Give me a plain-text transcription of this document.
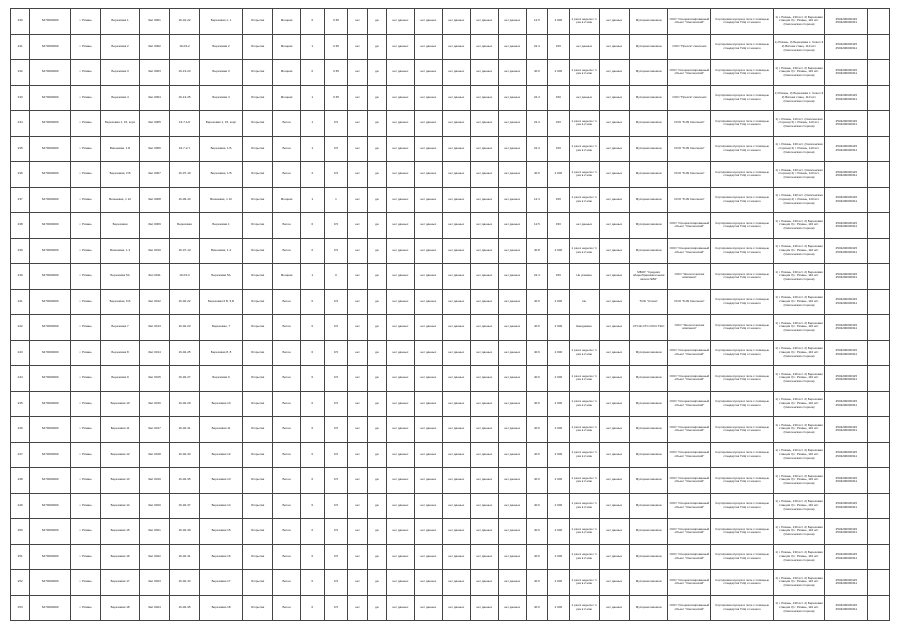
230	6270000000	г. Рязань	Березовая 1	Зап 0001	16-01-22	Березовая 1, 1	Открытая	Мощная	0	0.35	нет	да	нет данных	нет данных	нет данных	нет данных	нет данных	12.5	4 900	1 раз в неделю / 1 раз в 2 мин	нет данных	Мусорная машина	ООО "Специализированный объект "Смоленский"	Сортировка мусора в поле с помощью стандартов ГНЦ от нашего	1) г. Рязань, 130 ист. 2) Березовая станция 3) г. Рязань, 110 ист. (Смоленская сторона)	4543200000115 4543200000311	
231	6270000000	г. Рязань	Березовая 2	Зап 0002	16-03-2	Березовая 2	Открытая	Мощная	1	0.35	нет	да	нет данных	нет данных	нет данных	нет данных	нет данных	22.4	150	нет данных	нет данных	Мусорная машина	ООО "Пресса" смоленск	Сортировка мусора в поле с помощью стандартов ГНЦ от нашего	1) Рязань, 3) Березовая с. Сокол 3 2) Ватная станц. 110 ист. (Смоленская сторона)	4543200000115 4543200000311	
232	6270000000	г. Рязань	Березовая 3	Зап 0003	16-13-23	Березовая 3	Открытая	Мощная	0	0.35	нет	да	нет данных	нет данных	нет данных	нет данных	нет данных	40.6	2 000	1 раз в неделю / 1 раз в 2 мин	нет данных	Мусорная машина	ООО "Специализированный объект "Смоленский"	Сортировка мусора в поле с помощью стандартов ГНЦ от нашего	1) г. Рязань, 130 ист. 2) Березовая станция 3) г. Рязань, 110 ист. (Смоленская сторона)	4543200000115 4543200000311	
233	6270000000	г. Рязань	Березовая 4	Зап 0004	16-13-25	Березовая 4	Открытая	Мощная	1	0.35	нет	да	нет данных	нет данных	нет данных	нет данных	нет данных	22.4	150	нет данных	нет данных	Мусорная машина	ООО "Пресса" смоленск	Сортировка мусора в поле с помощью стандартов ГНЦ от нашего	1) Рязань, 3) Березовая с. Сокол 3 2) Ватная станц. 110 ист. (Смоленская сторона)	4543200000115 4543200000311	
234	6270000000	г. Рязань	Березовая 1, 15, корп	Зап 0005	16-7-1/2	Березовая 1, 15, корп	Открытая	Бетон	1	0.5	нет	да	нет данных	нет данных	нет данных	нет данных	нет данных	22.4	150	1 раз в неделю / 1 раз в 2 мин	нет данных	Мусорная машина	ООО "8-09 Смоленск"	Сортировка мусора в поле с помощью стандартов ГНЦ от нашего	1) г. Рязань, 110 ист. (Смоленская сторона) 2) г. Рязань, 110 ист. (Смоленская сторона)	4543200000115 4543200000311	
235	6270000000	г. Рязань	Вишневая, 1 Б	Зап 0006	16-7-2-7	Березовая, 1 Б	Открытая	Бетон	1	0.5	нет	да	нет данных	нет данных	нет данных	нет данных	нет данных	22.4	150	1 раз в неделю / 1 раз в 2 мин	нет данных	Мусорная машина	ООО "8-09 Смоленск"	Сортировка мусора в поле с помощью стандартов ГНЦ от нашего	1) г. Рязань, 130 ист. (Смоленская сторона) 2) г. Рязань, 110 ист. (Смоленская сторона)	4543200000115 4543200000311	
236	6270000000	г. Рязань	Березовая, 2 В	Зап 0007	16-07-19	Березовая, 1 В	Открытая	Бетон	2	0.5	нет	да	нет данных	нет данных	нет данных	нет данных	нет данных	40.6	2 000	1 раз в неделю / 1 раз в 2 мин	нет данных	Мусорная машина	ООО "8-09 Смоленск"	Сортировка мусора в поле с помощью стандартов ГНЦ от нашего	1) г. Рязань, 130 ист. (Смоленская сторона) 2) г. Рязань, 110 ист. (Смоленская сторона)	4543200000115 4543200000311	
237	6270000000	г. Рязань	Вишневая, 1 12	Зап 0008	16-09-43	Вишневая, 1 12	Открытая	Мощная	1	1	нет	да	нет данных	нет данных	нет данных	нет данных	нет данных	12.4	150	1 раз в неделю / 1 раз в 2 мин	нет данных	Мусорная машина	ООО "8-09 Смоленск"	Сортировка мусора в поле с помощью стандартов ГНЦ от нашего	1) г. Рязань, 130 ист. (Смоленская сторона) 2) г. Рязань, 110 ист. (Смоленская сторона)	4543200000115 4543200000311	
238	6270000000	г. Рязань	Березовая	Зап 0009	Березовая	Березовая 1	Открытая	Бетон	0	0.5	нет	да	нет данных	нет данных	нет данных	нет данных	нет данных	12.5	150	нет данных	нет данных	Мусорная машина	ООО "Специализированный объект "Смоленский"	Сортировка мусора в поле с помощью стандартов ГНЦ от нашего	1) г. Рязань, 130 ист. 2) Березовая станция 3) г. Рязань, 110 ист. (Смоленская сторона)	4543200000115 4543200000311	
239	6270000000	г. Рязань	Вишневая, 1 4	Зап 0010	16-07-13	Вишневая, 1 4	Открытая	Бетон	0	0.5	нет	да	нет данных	нет данных	нет данных	нет данных	нет данных	40.8	2 000	1 раз в неделю / 1 раз в 2 мин	нет данных	Мусорная машина	ООО "Специализированный объект "Смоленский"	Сортировка мусора в поле с помощью стандартов ГНЦ от нашего	1) г. Рязань, 130 ист. 2) Березовая станция 3) г. Рязань, 110 ист. (Смоленская сторона)	4543200000115 4543200000311	
240	6270000000	г. Рязань	Березовая 5А	Зап 0011	16-03-3	Березовая 5А	Открытая	Мощная	1	0	нет	да	нет данных	нет данных	нет данных	нет данных	нет данных	22.4	150	Не указано	нет данных	МБОУ "Средняя общеобразовательная школа №50"	ООО "Экологическая компания"	Сортировка мусора в поле с помощью стандартов ГНЦ от нашего	1) г. Рязань, 130 ист. 2) Березовая станция 3) г. Рязань, 110 ист. (Смоленская сторона)	4543200000115 4543200000311	
241	6270000000	г. Рязань	Березовая, 6 Б	Зап 0012	16-02-22	Березовая 6 Б, 6 Б	Открытая	Бетон	0	0.5	нет	да	нет данных	нет данных	нет данных	нет данных	нет данных	40.6	2 000	Не	нет данных	ТСЖ "Сосна"	ООО "8-09 Смоленск"	Сортировка мусора в поле с помощью стандартов ГНЦ от нашего	1) г. Рязань, 130 ист. 2) Березовая станция 3) г. Рязань, 110 ист. (Смоленская сторона)	4543200000115 4543200000311	
242	6270000000	г. Рязань	Березовая 7	Зап 0013	16-02-23	Березовая, 7	Открытая	Бетон	0	0.5	нет	да	нет данных	нет данных	нет данных	нет данных	нет данных	40.6	2 000	Ежедневно	нет данных	СТСЖ-СТС-ООО-ТЖС	ООО "Экологическая компания"	Сортировка мусора в поле с помощью стандартов ГНЦ от нашего	1) г. Рязань, 130 ист. 2) Березовая станция 3) г. Рязань, 110 ист. (Смоленская сторона)	4543200000115 4543200000311	
243	6270000000	г. Рязань	Березовая 8	Зап 0014	16-02-25	Березовая 8, 8	Открытая	Бетон	0	0.5	нет	да	нет данных	нет данных	нет данных	нет данных	нет данных	40.6	2 000	1 раз в неделю / 1 раз в 2 мин	нет данных	Мусорная машина	ООО "Специализированный объект "Смоленский"	Сортировка мусора в поле с помощью стандартов ГНЦ от нашего	1) г. Рязань, 130 ист. 2) Березовая станция 3) г. Рязань, 110 ист. (Смоленская сторона)	4543200000115 4543200000311	
244	6270000000	г. Рязань	Березовая 9	Зап 0015	16-02-27	Березовая 9	Открытая	Бетон	0	0.5	нет	да	нет данных	нет данных	нет данных	нет данных	нет данных	40.6	2 000	1 раз в неделю / 1 раз в 2 мин	нет данных	Мусорная машина	ООО "Специализированный объект "Смоленский"	Сортировка мусора в поле с помощью стандартов ГНЦ от нашего	1) г. Рязань, 130 ист. 2) Березовая станция 3) г. Рязань, 110 ист. (Смоленская сторона)	4543200000115 4543200000311	
245	6270000000	г. Рязань	Березовая 10	Зап 0016	16-02-29	Березовая 10	Открытая	Бетон	0	0.5	нет	да	нет данных	нет данных	нет данных	нет данных	нет данных	40.6	2 000	1 раз в неделю / 1 раз в 2 мин	нет данных	Мусорная машина	ООО "Специализированный объект "Смоленский"	Сортировка мусора в поле с помощью стандартов ГНЦ от нашего	1) г. Рязань, 130 ист. 2) Березовая станция 3) г. Рязань, 110 ист. (Смоленская сторона)	4543200000115 4543200000311	
246	6270000000	г. Рязань	Березовая 11	Зап 0017	16-02-31	Березовая 11	Открытая	Бетон	0	0.5	нет	да	нет данных	нет данных	нет данных	нет данных	нет данных	40.6	2 000	1 раз в неделю / 1 раз в 2 мин	нет данных	Мусорная машина	ООО "Специализированный объект "Смоленский"	Сортировка мусора в поле с помощью стандартов ГНЦ от нашего	1) г. Рязань, 130 ист. 2) Березовая станция 3) г. Рязань, 110 ист. (Смоленская сторона)	4543200000115 4543200000311	
247	6270000000	г. Рязань	Березовая 12	Зап 0018	16-02-33	Березовая 12	Открытая	Бетон	0	0.5	нет	да	нет данных	нет данных	нет данных	нет данных	нет данных	40.6	2 000	1 раз в неделю / 1 раз в 2 мин	нет данных	Мусорная машина	ООО "Специализированный объект "Смоленский"	Сортировка мусора в поле с помощью стандартов ГНЦ от нашего	1) г. Рязань, 130 ист. 2) Березовая станция 3) г. Рязань, 110 ист. (Смоленская сторона)	4543200000115 4543200000311	
248	6270000000	г. Рязань	Березовая 13	Зап 0019	16-02-35	Березовая 13	Открытая	Бетон	0	0.5	нет	да	нет данных	нет данных	нет данных	нет данных	нет данных	40.6	2 000	1 раз в неделю / 1 раз в 2 мин	нет данных	Мусорная машина	ООО "Специализированный объект "Смоленский"	Сортировка мусора в поле с помощью стандартов ГНЦ от нашего	1) г. Рязань, 130 ист. 2) Березовая станция 3) г. Рязань, 110 ист. (Смоленская сторона)	4543200000115 4543200000311	
249	6270000000	г. Рязань	Березовая 14	Зап 0020	16-02-37	Березовая 14	Открытая	Бетон	0	0.5	нет	да	нет данных	нет данных	нет данных	нет данных	нет данных	40.6	2 000	1 раз в неделю / 1 раз в 2 мин	нет данных	Мусорная машина	ООО "Специализированный объект "Смоленский"	Сортировка мусора в поле с помощью стандартов ГНЦ от нашего	1) г. Рязань, 130 ист. 2) Березовая станция 3) г. Рязань, 110 ист. (Смоленская сторона)	4543200000115 4543200000311	
250	6270000000	г. Рязань	Березовая 15	Зап 0021	16-02-39	Березовая 15	Открытая	Бетон	0	0.5	нет	да	нет данных	нет данных	нет данных	нет данных	нет данных	40.6	2 000	1 раз в неделю / 1 раз в 2 мин	нет данных	Мусорная машина	ООО "Специализированный объект "Смоленский"	Сортировка мусора в поле с помощью стандартов ГНЦ от нашего	1) г. Рязань, 130 ист. 2) Березовая станция 3) г. Рязань, 110 ист. (Смоленская сторона)	4543200000115 4543200000311	
251	6270000000	г. Рязань	Березовая 16	Зап 0022	16-02-41	Березовая 16	Открытая	Бетон	0	0.5	нет	да	нет данных	нет данных	нет данных	нет данных	нет данных	40.6	2 000	1 раз в неделю / 1 раз в 2 мин	нет данных	Мусорная машина	ООО "Специализированный объект "Смоленский"	Сортировка мусора в поле с помощью стандартов ГНЦ от нашего	1) г. Рязань, 130 ист. 2) Березовая станция 3) г. Рязань, 110 ист. (Смоленская сторона)	4543200000115 4543200000311	
252	6270000000	г. Рязань	Березовая 17	Зап 0023	16-02-43	Березовая 17	Открытая	Бетон	0	0.5	нет	да	нет данных	нет данных	нет данных	нет данных	нет данных	40.6	2 000	1 раз в неделю / 1 раз в 2 мин	нет данных	Мусорная машина	ООО "Специализированный объект "Смоленский"	Сортировка мусора в поле с помощью стандартов ГНЦ от нашего	1) г. Рязань, 130 ист. 2) Березовая станция 3) г. Рязань, 110 ист. (Смоленская сторона)	4543200000115 4543200000311	
253	6270000000	г. Рязань	Березовая 18	Зап 0024	16-02-45	Березовая 18	Открытая	Бетон	0	0.5	нет	да	нет данных	нет данных	нет данных	нет данных	нет данных	40.6	2 000	1 раз в неделю / 1 раз в 2 мин	нет данных	Мусорная машина	ООО "Специализированный объект "Смоленский"	Сортировка мусора в поле с помощью стандартов ГНЦ от нашего	1) г. Рязань, 130 ист. 2) Березовая станция 3) г. Рязань, 110 ист. (Смоленская сторона)	4543200000115 4543200000311	
